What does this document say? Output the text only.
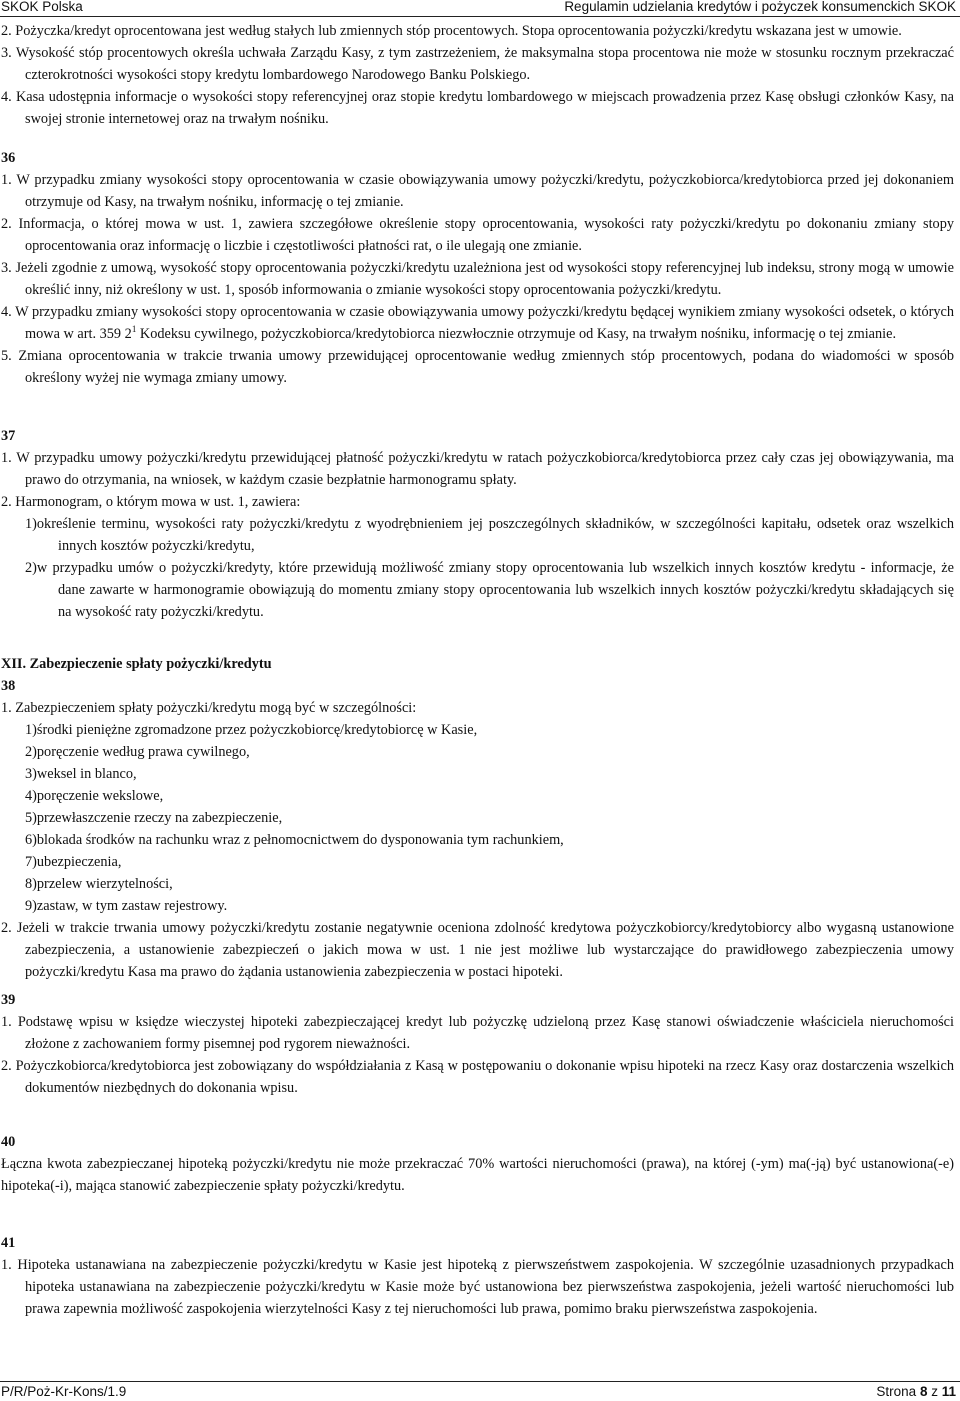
SKOK Polska	Regulamin udzielania kredytów i pożyczek konsumenckich SKOK

2. Pożyczka/kredyt oprocentowana jest według stałych lub zmiennych stóp procentowych. Stopa oprocentowania pożyczki/kredytu wskazana jest w umowie.

3. Wysokość stóp procentowych określa uchwała Zarządu Kasy, z tym zastrzeżeniem, że maksymalna stopa procentowa nie może w stosunku rocznym przekraczać czterokrotności wysokości stopy kredytu lombardowego Narodowego Banku Polskiego.

4. Kasa udostępnia informacje o wysokości stopy referencyjnej oraz stopie kredytu lombardowego w miejscach prowadzenia przez Kasę obsługi członków Kasy, na swojej stronie internetowej oraz na trwałym nośniku.

36

1. W przypadku zmiany wysokości stopy oprocentowania w czasie obowiązywania umowy pożyczki/kredytu, pożyczkobiorca/kredytobiorca przed jej dokonaniem otrzymuje od Kasy, na trwałym nośniku, informację o tej zmianie.

2. Informacja, o której mowa w ust. 1, zawiera szczegółowe określenie stopy oprocentowania, wysokości raty pożyczki/kredytu po dokonaniu zmiany stopy oprocentowania oraz informację o liczbie i częstotliwości płatności rat, o ile ulegają one zmianie.

3. Jeżeli zgodnie z umową, wysokość stopy oprocentowania pożyczki/kredytu uzależniona jest od wysokości stopy referencyjnej lub indeksu, strony mogą w umowie określić inny, niż określony w ust. 1, sposób informowania o zmianie wysokości stopy oprocentowania pożyczki/kredytu.

4. W przypadku zmiany wysokości stopy oprocentowania w czasie obowiązywania umowy pożyczki/kredytu będącej wynikiem zmiany wysokości odsetek, o których mowa w art. 359 $2^1$ Kodeksu cywilnego, pożyczkobiorca/kredytobiorca niezwłocznie otrzymuje od Kasy, na trwałym nośniku, informację o tej zmianie.

5. Zmiana oprocentowania w trakcie trwania umowy przewidującej oprocentowanie według zmiennych stóp procentowych, podana do wiadomości w sposób określony wyżej nie wymaga zmiany umowy.

37

1. W przypadku umowy pożyczki/kredytu przewidującej płatność pożyczki/kredytu w ratach pożyczkobiorca/kredytobiorca przez cały czas jej obowiązywania, ma prawo do otrzymania, na wniosek, w każdym czasie bezpłatnie harmonogramu spłaty.

2. Harmonogram, o którym mowa w ust. 1, zawiera:

1)określenie terminu, wysokości raty pożyczki/kredytu z wyodrębnieniem jej poszczególnych składników, w szczególności kapitału, odsetek oraz wszelkich innych kosztów pożyczki/kredytu,

2)w przypadku umów o pożyczki/kredyty, które przewidują możliwość zmiany stopy oprocentowania lub wszelkich innych kosztów kredytu - informacje, że dane zawarte w harmonogramie obowiązują do momentu zmiany stopy oprocentowania lub wszelkich innych kosztów pożyczki/kredytu składających się na wysokość raty pożyczki/kredytu.

XII. Zabezpieczenie spłaty pożyczki/kredytu

38

1. Zabezpieczeniem spłaty pożyczki/kredytu mogą być w szczególności:

1)środki pieniężne zgromadzone przez pożyczkobiorcę/kredytobiorcę w Kasie,

2)poręczenie według prawa cywilnego,

3)weksel in blanco,

4)poręczenie wekslowe,

5)przewłaszczenie rzeczy na zabezpieczenie,

6)blokada środków na rachunku wraz z pełnomocnictwem do dysponowania tym rachunkiem,

7)ubezpieczenia,

8)przelew wierzytelności,

9)zastaw, w tym zastaw rejestrowy.

2. Jeżeli w trakcie trwania umowy pożyczki/kredytu zostanie negatywnie oceniona zdolność kredytowa pożyczkobiorcy/kredytobiorcy albo wygasną ustanowione zabezpieczenia, a ustanowienie zabezpieczeń o jakich mowa w ust. 1 nie jest możliwe lub wystarczające do prawidłowego zabezpieczenia umowy pożyczki/kredytu Kasa ma prawo do żądania ustanowienia zabezpieczenia w postaci hipoteki.

39

1. Podstawę wpisu w księdze wieczystej hipoteki zabezpieczającej kredyt lub pożyczkę udzieloną przez Kasę stanowi oświadczenie właściciela nieruchomości złożone z zachowaniem formy pisemnej pod rygorem nieważności.

2. Pożyczkobiorca/kredytobiorca jest zobowiązany do współdziałania z Kasą w postępowaniu o dokonanie wpisu hipoteki na rzecz Kasy oraz dostarczenia wszelkich dokumentów niezbędnych do dokonania wpisu.

40

Łączna kwota zabezpieczanej hipoteką pożyczki/kredytu nie może przekraczać 70% wartości nieruchomości (prawa), na której (-ym) ma(-ją) być ustanowiona(-e) hipoteka(-i), mająca stanowić zabezpieczenie spłaty pożyczki/kredytu.

41

1. Hipoteka ustanawiana na zabezpieczenie pożyczki/kredytu w Kasie jest hipoteką z pierwszeństwem zaspokojenia. W szczególnie uzasadnionych przypadkach hipoteka ustanawiana na zabezpieczenie pożyczki/kredytu w Kasie może być ustanowiona bez pierwszeństwa zaspokojenia, jeżeli wartość nieruchomości lub prawa zapewnia możliwość zaspokojenia wierzytelności Kasy z tej nieruchomości lub prawa, pomimo braku pierwszeństwa zaspokojenia.

P/R/Poż-Kr-Kons/1.9	Strona 8 z 11
